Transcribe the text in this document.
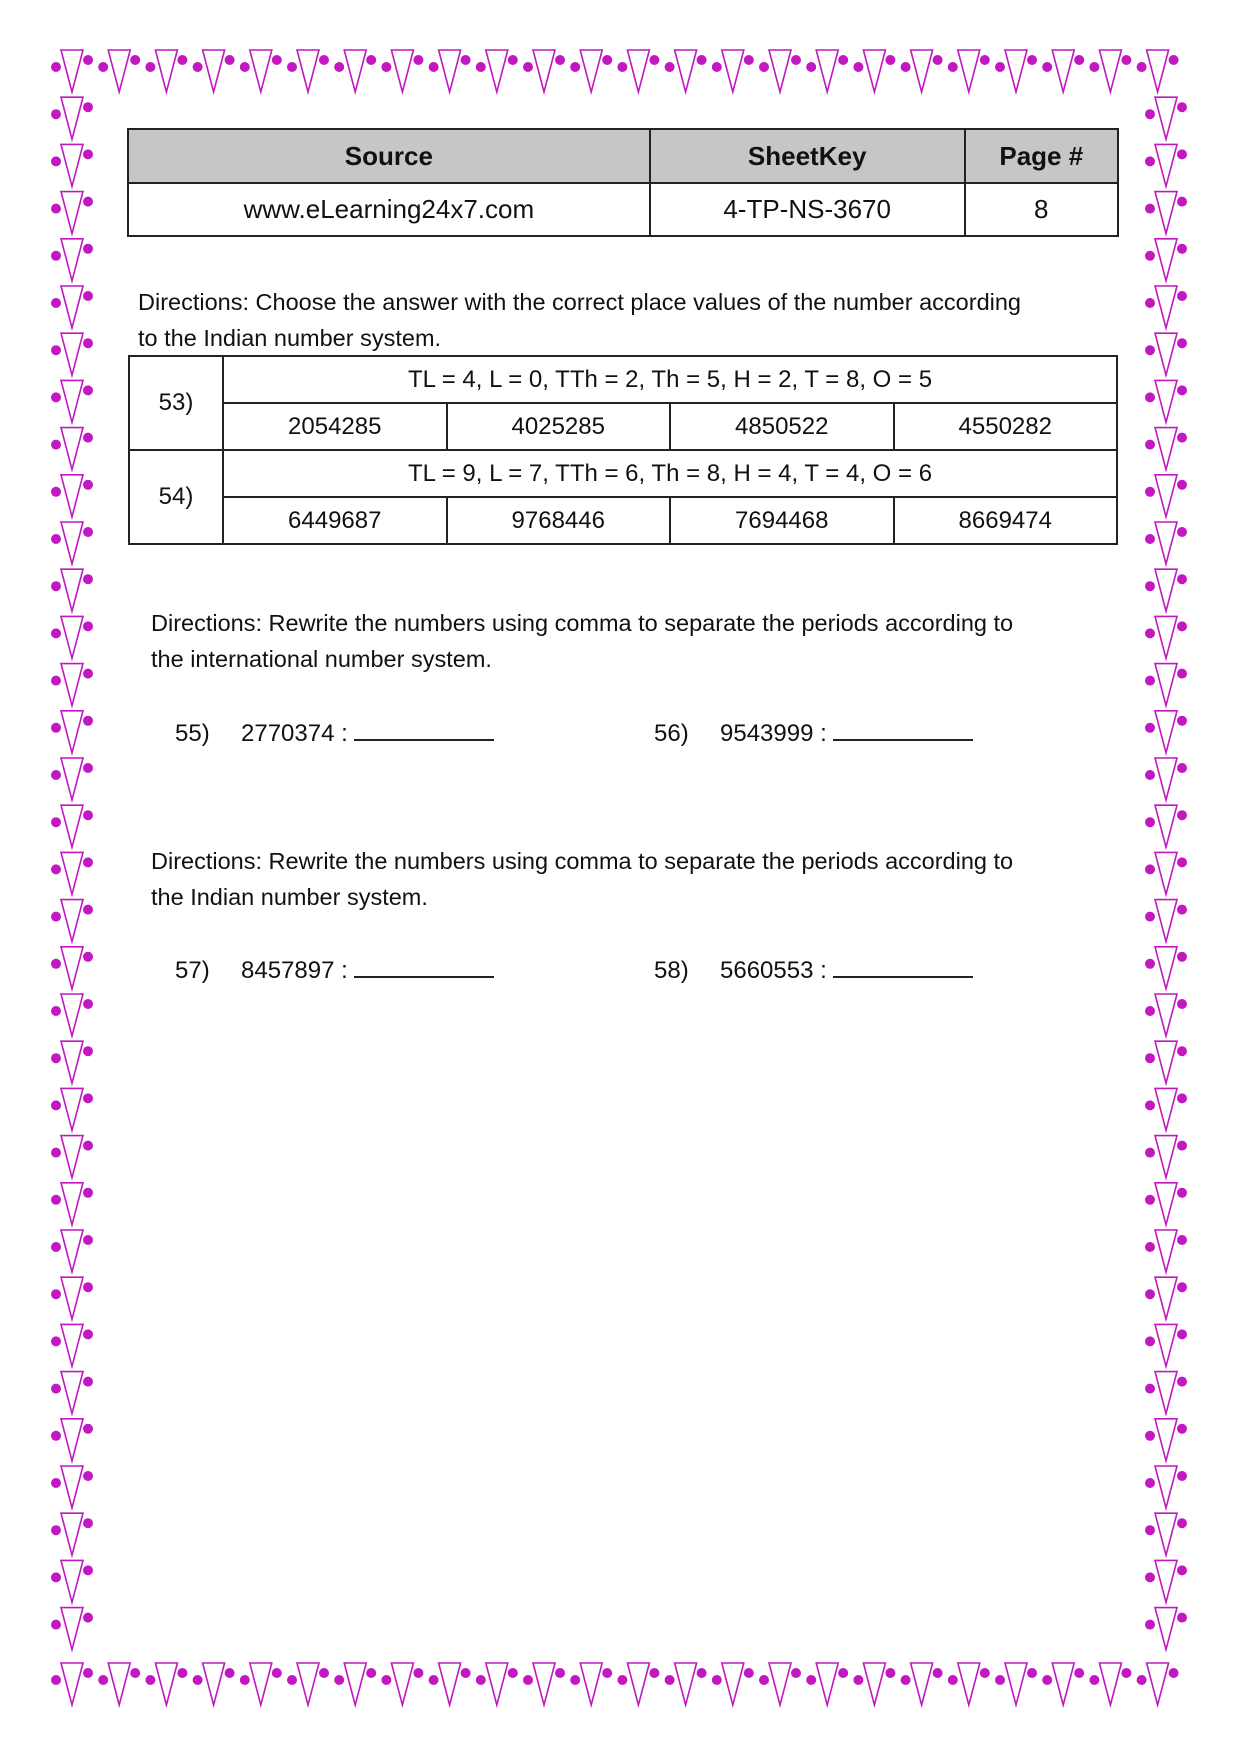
Source	SheetKey	Page #
www.eLearning24x7.com	4-TP-NS-3670	8
Directions: Choose the answer with the correct place values of the number according
to the Indian number system.
53)	TL = 4, L = 0, TTh = 2, Th = 5, H = 2, T = 8, O = 5			
	2054285	4025285	4850522	4550282
54)	TL = 9, L = 7, TTh = 6, Th = 8, H = 4, T = 4, O = 6			
	6449687	9768446	7694468	8669474
Directions: Rewrite the numbers using comma to separate the periods according to
the international number system.
55) 2770374 :	56) 9543999 :
Directions: Rewrite the numbers using comma to separate the periods according to
the Indian number system.
57) 8457897 :	58) 5660553 :
